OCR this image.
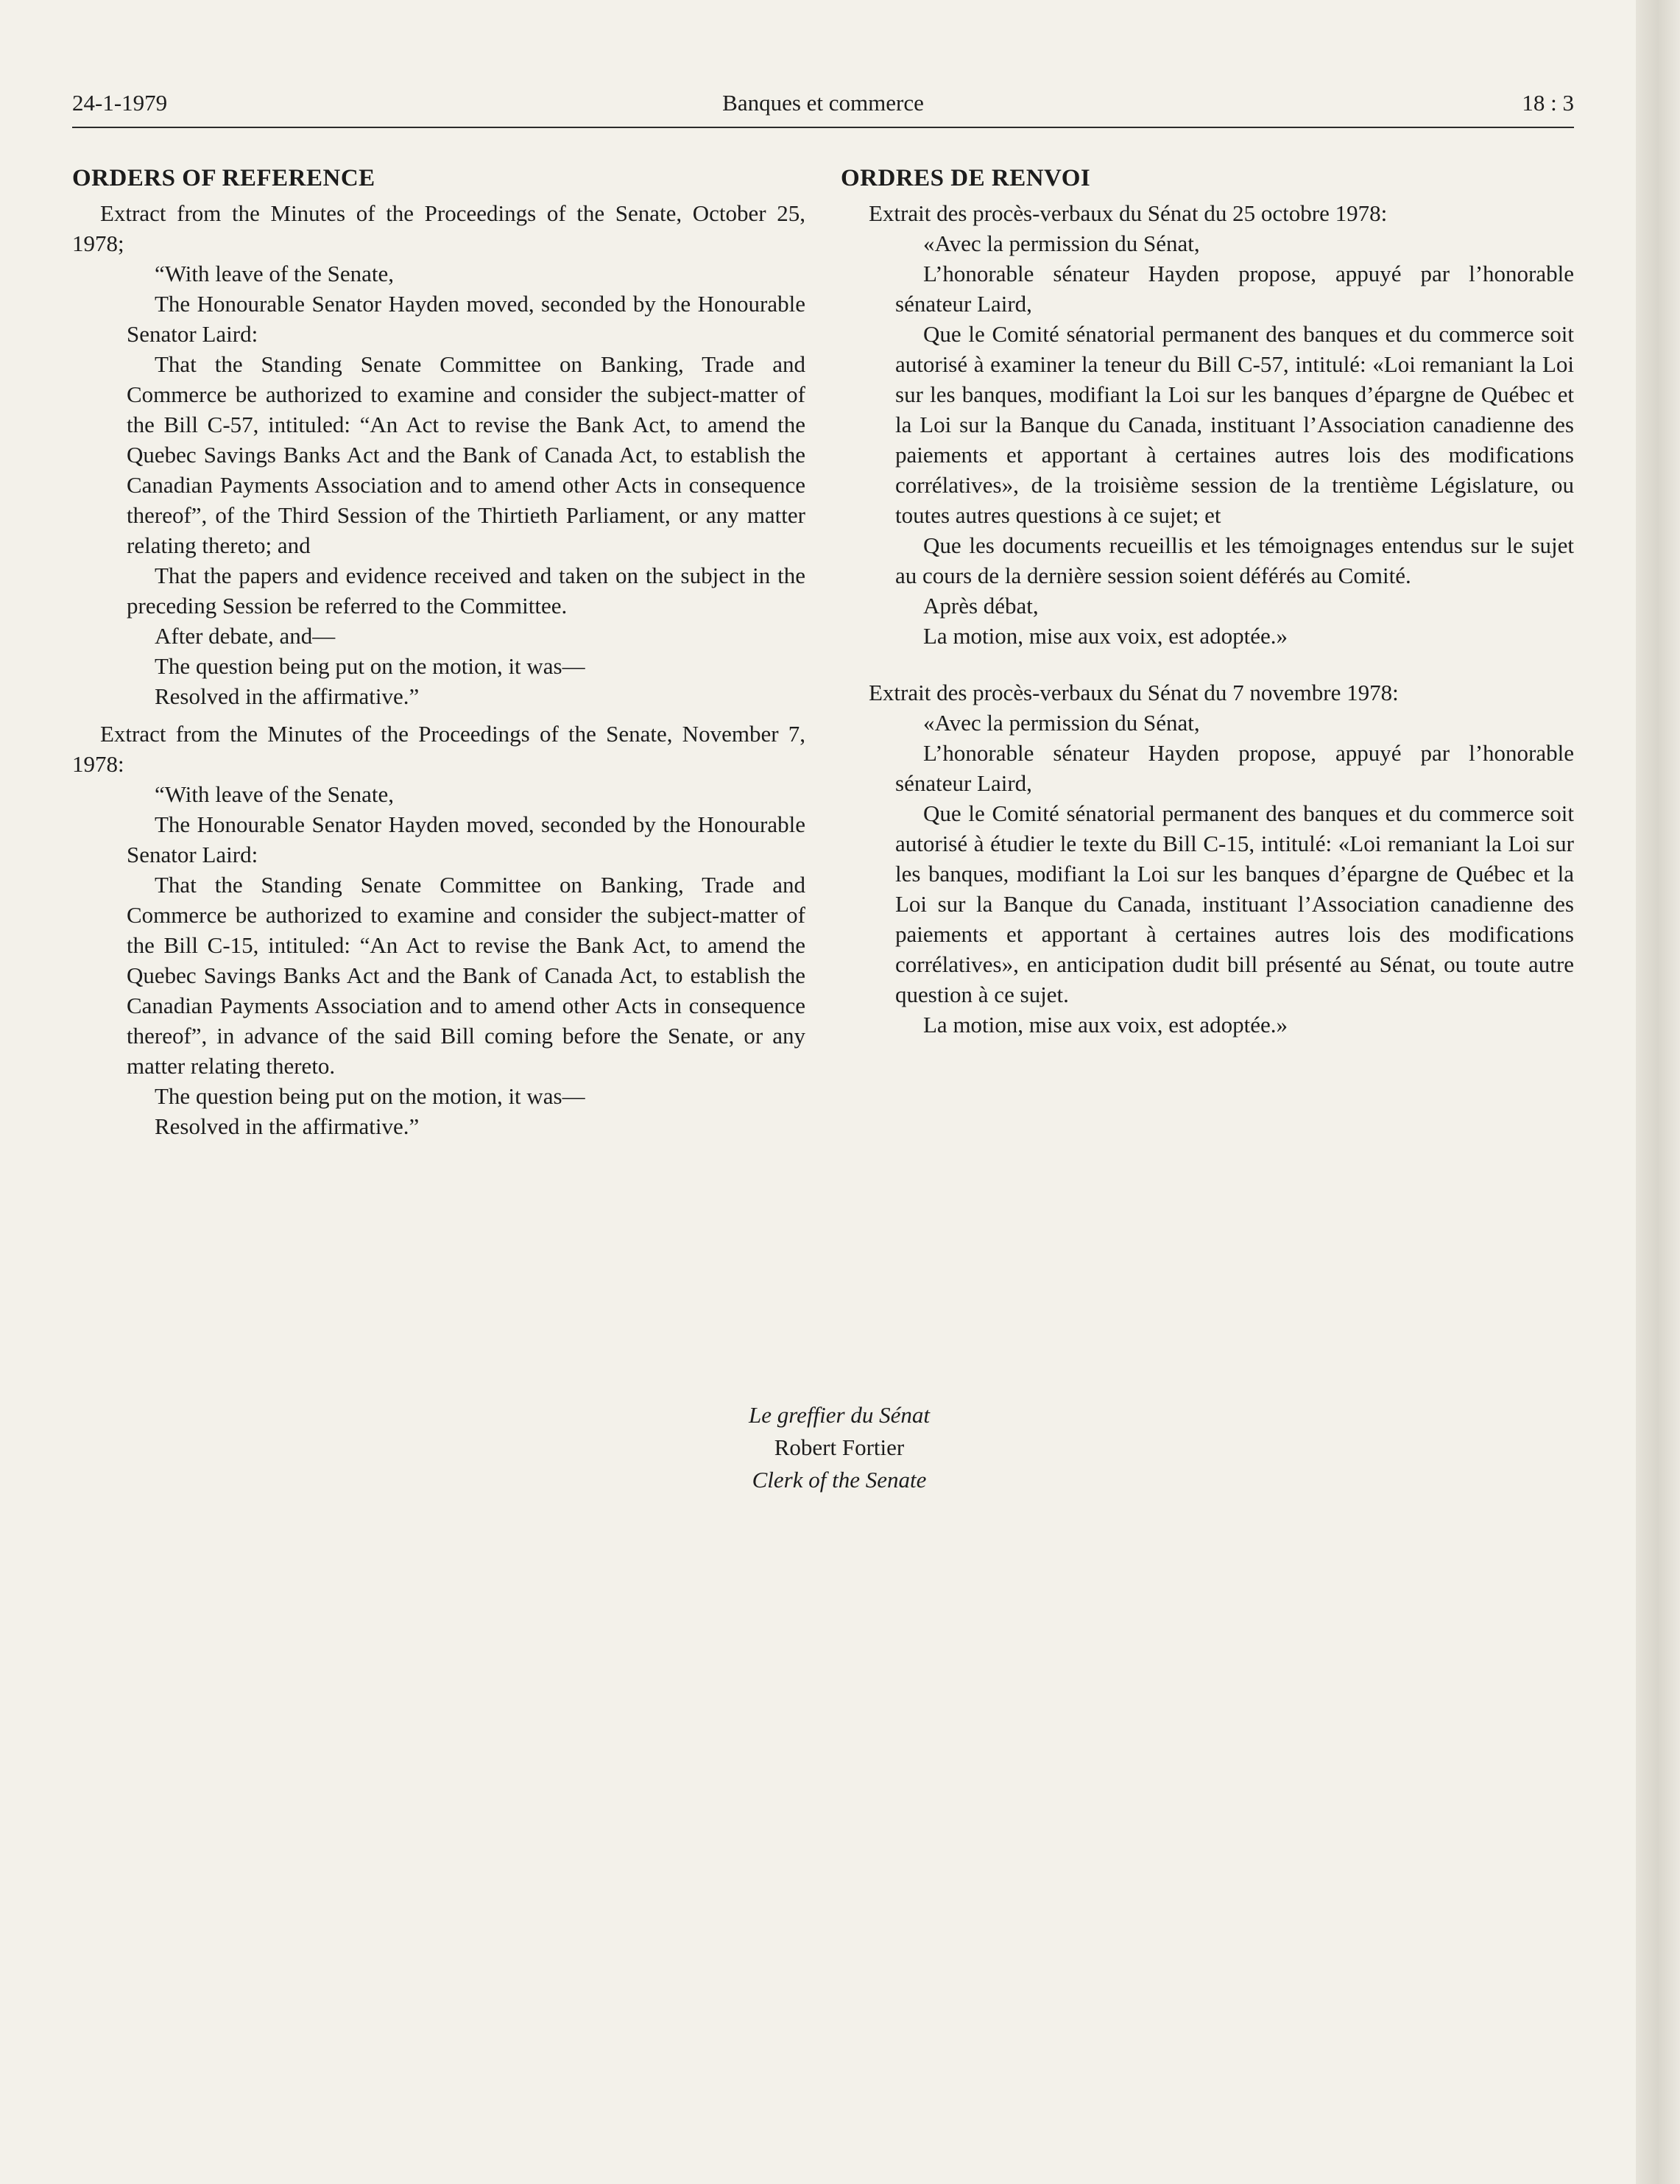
24-1-1979	Banques et commerce	18 : 3
ORDERS OF REFERENCE

Extract from the Minutes of the Proceedings of the Senate, October 25, 1978;

“With leave of the Senate,

The Honourable Senator Hayden moved, seconded by the Honourable Senator Laird:

That the Standing Senate Committee on Banking, Trade and Commerce be authorized to examine and consider the subject-matter of the Bill C-57, intituled: “An Act to revise the Bank Act, to amend the Quebec Savings Banks Act and the Bank of Canada Act, to establish the Canadian Payments Association and to amend other Acts in consequence thereof”, of the Third Session of the Thirtieth Parliament, or any matter relating thereto; and

That the papers and evidence received and taken on the subject in the preceding Session be referred to the Committee.

After debate, and—

The question being put on the motion, it was—

Resolved in the affirmative.”

Extract from the Minutes of the Proceedings of the Senate, November 7, 1978:

“With leave of the Senate,

The Honourable Senator Hayden moved, seconded by the Honourable Senator Laird:

That the Standing Senate Committee on Banking, Trade and Commerce be authorized to examine and consider the subject-matter of the Bill C-15, intituled: “An Act to revise the Bank Act, to amend the Quebec Savings Banks Act and the Bank of Canada Act, to establish the Canadian Payments Association and to amend other Acts in consequence thereof”, in advance of the said Bill coming before the Senate, or any matter relating thereto.

The question being put on the motion, it was—

Resolved in the affirmative.”

ORDRES DE RENVOI

Extrait des procès-verbaux du Sénat du 25 octobre 1978:

«Avec la permission du Sénat,

L’honorable sénateur Hayden propose, appuyé par l’honorable sénateur Laird,

Que le Comité sénatorial permanent des banques et du commerce soit autorisé à examiner la teneur du Bill C-57, intitulé: «Loi remaniant la Loi sur les banques, modifiant la Loi sur les banques d’épargne de Québec et la Loi sur la Banque du Canada, instituant l’Association canadienne des paiements et apportant à certaines autres lois des modifications corrélatives», de la troisième session de la trentième Législature, ou toutes autres questions à ce sujet; et

Que les documents recueillis et les témoignages entendus sur le sujet au cours de la dernière session soient déférés au Comité.

Après débat,

La motion, mise aux voix, est adoptée.»

Extrait des procès-verbaux du Sénat du 7 novembre 1978:

«Avec la permission du Sénat,

L’honorable sénateur Hayden propose, appuyé par l’honorable sénateur Laird,

Que le Comité sénatorial permanent des banques et du commerce soit autorisé à étudier le texte du Bill C-15, intitulé: «Loi remaniant la Loi sur les banques, modifiant la Loi sur les banques d’épargne de Québec et la Loi sur la Banque du Canada, instituant l’Association canadienne des paiements et apportant à certaines autres lois des modifications corrélatives», en anticipation dudit bill présenté au Sénat, ou toute autre question à ce sujet.

La motion, mise aux voix, est adoptée.»

Le greffier du Sénat
Robert Fortier
Clerk of the Senate
